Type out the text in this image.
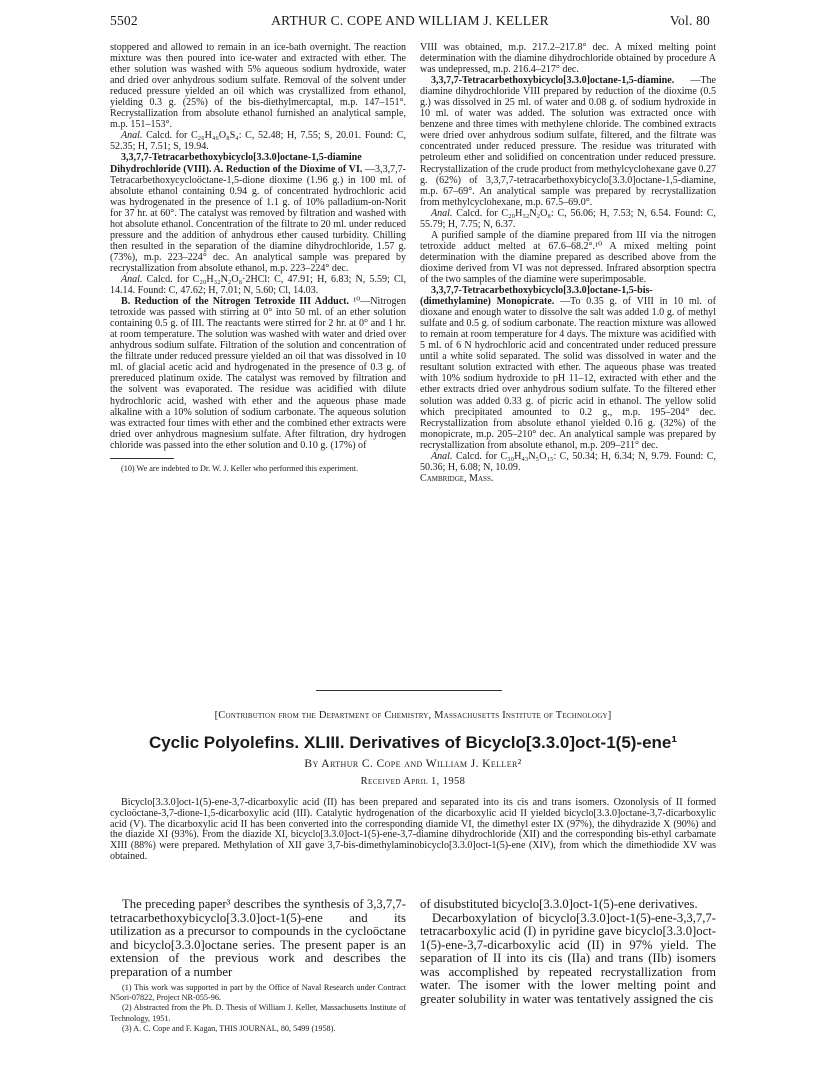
5502	ARTHUR C. COPE AND WILLIAM J. KELLER	Vol. 80

stoppered and allowed to remain in an ice-bath overnight. The reaction mixture was then poured into ice-water and extracted with ether. The ether solution was washed with 5% aqueous sodium hydroxide, water and dried over anhydrous sodium sulfate. Removal of the solvent under reduced pressure yielded an oil which was crystallized from ethanol, yielding 0.3 g. (25%) of the bis-diethylmercaptal, m.p. 147–151°. Recrystallization from absolute ethanol furnished an analytical sample, m.p. 151–153°.

Anal. Calcd. for C₂₆H₄₆O₈S₄: C, 52.48; H, 7.55; S, 20.01. Found: C, 52.35; H, 7.51; S, 19.94.

3,3,7,7-Tetracarbethoxybicyclo[3.3.0]octane-1,5-diamine Dihydrochloride (VIII). A. Reduction of the Dioxime of VI. —3,3,7,7-Tetracarbethoxycycloöctane-1,5-dione dioxime (1.96 g.) in 100 ml. of absolute ethanol containing 0.94 g. of concentrated hydrochloric acid was hydrogenated in the presence of 1.1 g. of 10% palladium-on-Norit for 37 hr. at 60°. The catalyst was removed by filtration and washed with hot absolute ethanol. Concentration of the filtrate to 20 ml. under reduced pressure and the addition of anhydrous ether caused turbidity. Chilling then resulted in the separation of the diamine dihydrochloride, 1.57 g. (73%), m.p. 223–224° dec. An analytical sample was prepared by recrystallization from absolute ethanol, m.p. 223–224° dec.

Anal. Calcd. for C₂₀H₃₂N₂O₈·2HCl: C, 47.91; H, 6.83; N, 5.59; Cl, 14.14. Found: C, 47.62; H, 7.01; N, 5.60; Cl, 14.03.

B. Reduction of the Nitrogen Tetroxide III Adduct. ¹⁰—Nitrogen tetroxide was passed with stirring at 0° into 50 ml. of an ether solution containing 0.5 g. of III. The reactants were stirred for 2 hr. at 0° and 1 hr. at room temperature. The solution was washed with water and dried over anhydrous sodium sulfate. Filtration of the solution and concentration of the filtrate under reduced pressure yielded an oil that was dissolved in 10 ml. of glacial acetic acid and hydrogenated in the presence of 0.3 g. of prereduced platinum oxide. The catalyst was removed by filtration and the solvent was evaporated. The residue was acidified with dilute hydrochloric acid, washed with ether and the aqueous phase made alkaline with a 10% solution of sodium carbonate. The aqueous solution was extracted four times with ether and the combined ether extracts were dried over anhydrous magnesium sulfate. After filtration, dry hydrogen chloride was passed into the ether solution and 0.10 g. (17%) of

(10) We are indebted to Dr. W. J. Keller who performed this experiment.

VIII was obtained, m.p. 217.2–217.8° dec. A mixed melting point determination with the diamine dihydrochloride obtained by procedure A was undepressed, m.p. 216.4–217° dec.

3,3,7,7-Tetracarbethoxybicyclo[3.3.0]octane-1,5-diamine. —The diamine dihydrochloride VIII prepared by reduction of the dioxime (0.5 g.) was dissolved in 25 ml. of water and 0.08 g. of sodium hydroxide in 10 ml. of water was added. The solution was extracted once with benzene and three times with methylene chloride. The combined extracts were dried over anhydrous sodium sulfate, filtered, and the filtrate was concentrated under reduced pressure. The residue was triturated with petroleum ether and solidified on concentration under reduced pressure. Recrystallization of the crude product from methylcyclohexane gave 0.27 g. (62%) of 3,3,7,7-tetracarbethoxybicyclo[3.3.0]octane-1,5-diamine, m.p. 67–69°. An analytical sample was prepared by recrystallization from methylcyclohexane, m.p. 67.5–69.0°.

Anal. Calcd. for C₂₀H₃₂N₂O₈: C, 56.06; H, 7.53; N, 6.54. Found: C, 55.79; H, 7.75; N, 6.37.

A purified sample of the diamine prepared from III via the nitrogen tetroxide adduct melted at 67.6–68.2°.¹⁰ A mixed melting point determination with the diamine prepared as described above from the dioxime derived from VI was not depressed. Infrared absorption spectra of the two samples of the diamine were superimposable.

3,3,7,7-Tetracarbethoxybicyclo[3.3.0]octane-1,5-bis-(dimethylamine) Monopicrate. —To 0.35 g. of VIII in 10 ml. of dioxane and enough water to dissolve the salt was added 1.0 g. of methyl sulfate and 0.5 g. of sodium carbonate. The reaction mixture was allowed to remain at room temperature for 4 days. The mixture was acidified with 5 ml. of 6 N hydrochloric acid and concentrated under reduced pressure until a white solid separated. The solid was dissolved in water and the resultant solution extracted with ether. The aqueous phase was treated with 10% sodium hydroxide to pH 11–12, extracted with ether and the ether extracts dried over anhydrous sodium sulfate. To the filtered ether solution was added 0.33 g. of picric acid in ethanol. The yellow solid which precipitated amounted to 0.2 g., m.p. 195–204° dec. Recrystallization from absolute ethanol yielded 0.16 g. (32%) of the monopicrate, m.p. 205–210° dec. An analytical sample was prepared by recrystallization from absolute ethanol, m.p. 209–211° dec.

Anal. Calcd. for C₃₀H₄₃N₅O₁₅: C, 50.34; H, 6.34; N, 9.79. Found: C, 50.36; H, 6.08; N, 10.09.

Cambridge, Mass.

[Contribution from the Department of Chemistry, Massachusetts Institute of Technology]
Cyclic Polyolefins. XLIII. Derivatives of Bicyclo[3.3.0]oct-1(5)-ene¹
By Arthur C. Cope and William J. Keller²
Received April 1, 1958
Bicyclo[3.3.0]oct-1(5)-ene-3,7-dicarboxylic acid (II) has been prepared and separated into its cis and trans isomers. Ozonolysis of II formed cycloöctane-3,7-dione-1,5-dicarboxylic acid (III). Catalytic hydrogenation of the dicarboxylic acid II yielded bicyclo[3.3.0]octane-3,7-dicarboxylic acid (V). The dicarboxylic acid II has been converted into the corresponding diamide VI, the dimethyl ester IX (97%), the dihydrazide X (90%) and the diazide XI (93%). From the diazide XI, bicyclo[3.3.0]oct-1(5)-ene-3,7-diamine dihydrochloride (XII) and the corresponding bis-ethyl carbamate XIII (88%) were prepared. Methylation of XII gave 3,7-bis-dimethylaminobicyclo[3.3.0]oct-1(5)-ene (XIV), from which the dimethiodide XV was obtained.

The preceding paper³ describes the synthesis of 3,3,7,7-tetracarbethoxybicyclo[3.3.0]oct-1(5)-ene and its utilization as a precursor to compounds in the cycloöctane and bicyclo[3.3.0]octane series. The present paper is an extension of the previous work and describes the preparation of a number

(1) This work was supported in part by the Office of Naval Research under Contract N5ori-07822, Project NR-055-96.

(2) Abstracted from the Ph. D. Thesis of William J. Keller, Massachusetts Institute of Technology, 1951.

(3) A. C. Cope and F. Kagan, THIS JOURNAL, 80, 5499 (1958).

of disubstituted bicyclo[3.3.0]oct-1(5)-ene derivatives.

Decarboxylation of bicyclo[3.3.0]oct-1(5)-ene-3,3,7,7-tetracarboxylic acid (I) in pyridine gave bicyclo[3.3.0]oct-1(5)-ene-3,7-dicarboxylic acid (II) in 97% yield. The separation of II into its cis (IIa) and trans (IIb) isomers was accomplished by repeated recrystallization from water. The isomer with the lower melting point and greater solubility in water was tentatively assigned the cis
